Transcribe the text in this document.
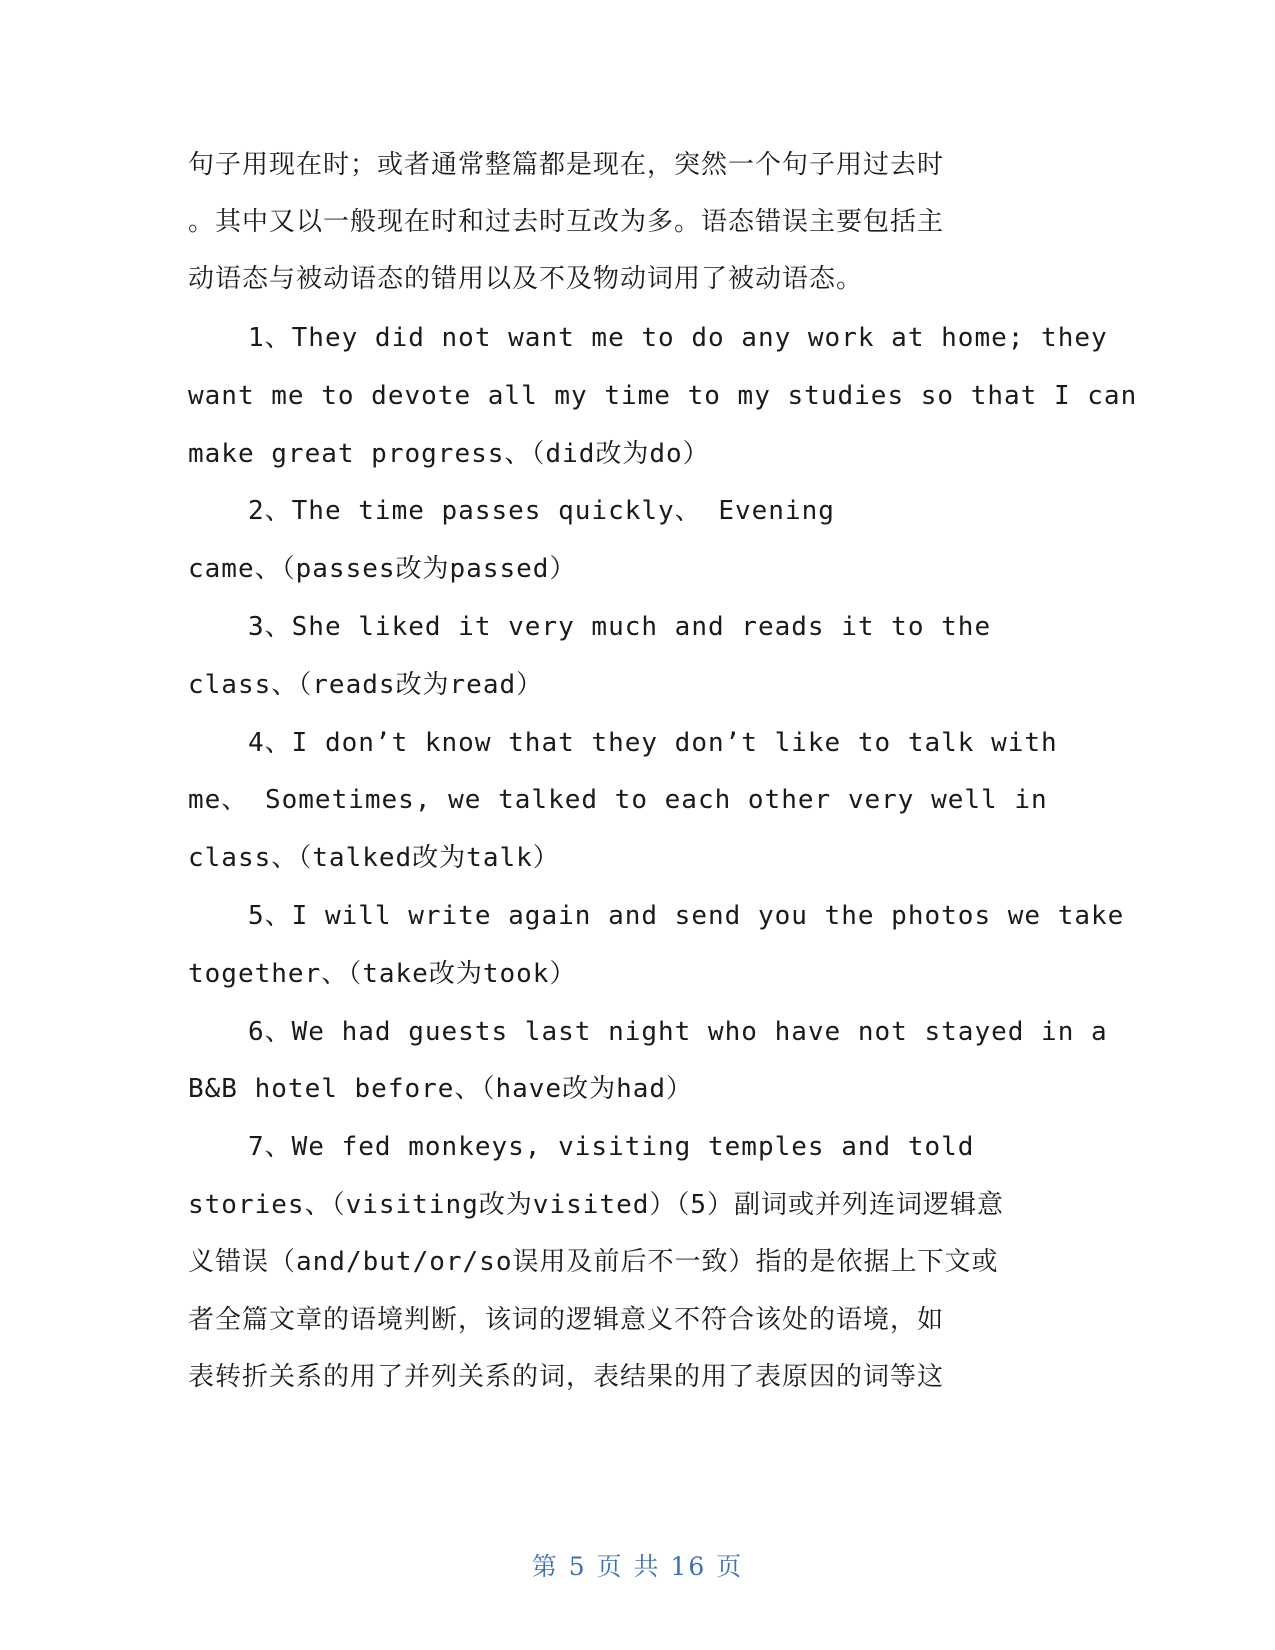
句子用现在时；或者通常整篇都是现在，突然一个句子用过去时
。其中又以一般现在时和过去时互改为多。语态错误主要包括主
动语态与被动语态的错用以及不及物动词用了被动语态。
1、They did not want me to do any work at home; they
want me to devote all my time to my studies so that I can
make great progress、（did改为do）
2、The time passes quickly、 Evening
came、（passes改为passed）
3、She liked it very much and reads it to the
class、（reads改为read）
4、I don’t know that they don’t like to talk with
me、 Sometimes, we talked to each other very well in
class、（talked改为talk）
5、I will write again and send you the photos we take
together、（take改为took）
6、We had guests last night who have not stayed in a
B&B hotel before、（have改为had）
7、We fed monkeys, visiting temples and told
stories、（visiting改为visited）（5）副词或并列连词逻辑意
义错误（and/but/or/so误用及前后不一致）指的是依据上下文或
者全篇文章的语境判断，该词的逻辑意义不符合该处的语境，如
表转折关系的用了并列关系的词，表结果的用了表原因的词等这
第 5 页 共 16 页
